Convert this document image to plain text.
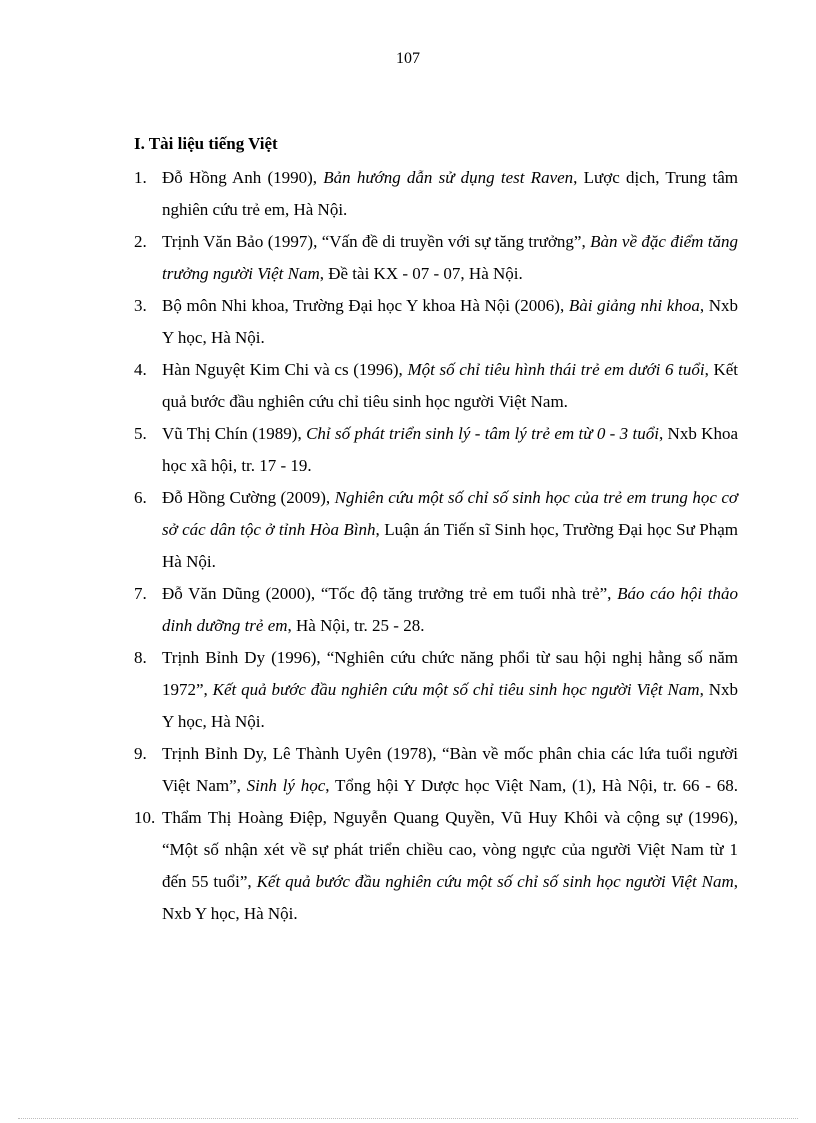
107
I. Tài liệu tiếng Việt
1. Đỗ Hồng Anh (1990), Bản hướng dẫn sử dụng test Raven, Lược dịch, Trung tâm nghiên cứu trẻ em, Hà Nội.
2. Trịnh Văn Bảo (1997), “Vấn đề di truyền với sự tăng trưởng”, Bàn về đặc điểm tăng trưởng người Việt Nam, Đề tài KX - 07 - 07, Hà Nội.
3. Bộ môn Nhi khoa, Trường Đại học Y khoa Hà Nội (2006), Bài giảng nhi khoa, Nxb Y học, Hà Nội.
4. Hàn Nguyệt Kim Chi và cs (1996), Một số chỉ tiêu hình thái trẻ em dưới 6 tuổi, Kết quả bước đầu nghiên cứu chỉ tiêu sinh học người Việt Nam.
5. Vũ Thị Chín (1989), Chỉ số phát triển sinh lý - tâm lý trẻ em từ 0 - 3 tuổi, Nxb Khoa học xã hội, tr. 17 - 19.
6. Đỗ Hồng Cường (2009), Nghiên cứu một số chỉ số sinh học của trẻ em trung học cơ sở các dân tộc ở tỉnh Hòa Bình, Luận án Tiến sĩ Sinh học, Trường Đại học Sư Phạm Hà Nội.
7. Đỗ Văn Dũng (2000), “Tốc độ tăng trưởng trẻ em tuổi nhà trẻ”, Báo cáo hội thảo dinh dưỡng trẻ em, Hà Nội, tr. 25 - 28.
8. Trịnh Bỉnh Dy (1996), “Nghiên cứu chức năng phổi từ sau hội nghị hằng số năm 1972”, Kết quả bước đầu nghiên cứu một số chỉ tiêu sinh học người Việt Nam, Nxb Y học, Hà Nội.
9. Trịnh Bỉnh Dy, Lê Thành Uyên (1978), “Bàn về mốc phân chia các lứa tuổi người Việt Nam”, Sinh lý học, Tổng hội Y Dược học Việt Nam, (1), Hà Nội, tr. 66 - 68.
10. Thẩm Thị Hoàng Điệp, Nguyễn Quang Quyền, Vũ Huy Khôi và cộng sự (1996), “Một số nhận xét về sự phát triển chiều cao, vòng ngực của người Việt Nam từ 1 đến 55 tuổi”, Kết quả bước đầu nghiên cứu một số chỉ số sinh học người Việt Nam, Nxb Y học, Hà Nội.
